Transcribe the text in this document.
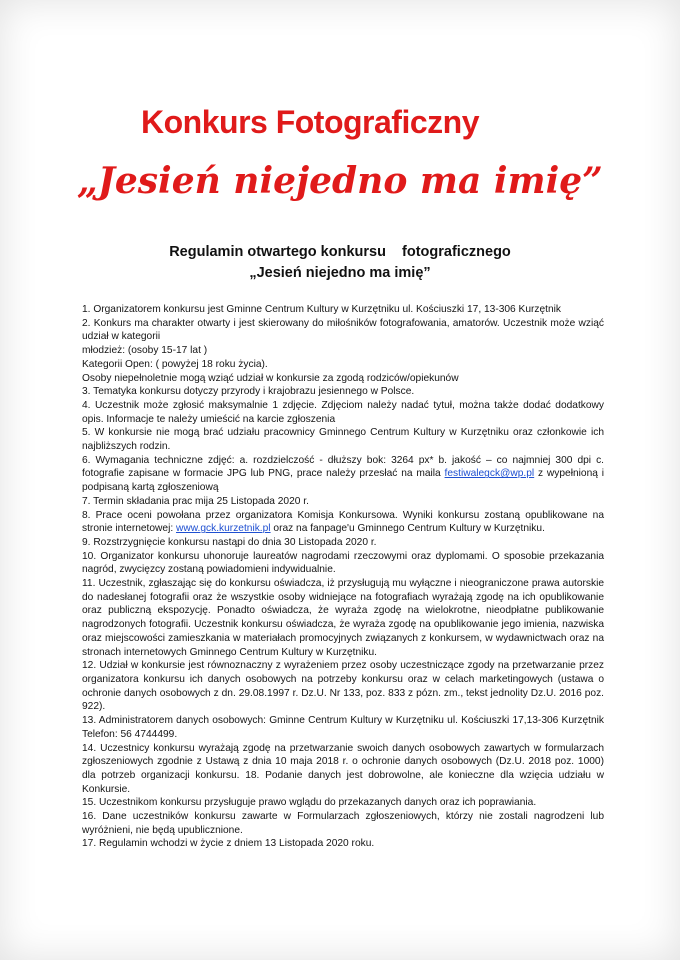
Konkurs Fotograficzny
„Jesień niejedno ma imię”
Regulamin otwartego konkursu    fotograficznego
„Jesień niejedno ma imię”
1. Organizatorem konkursu jest Gminne Centrum Kultury w Kurzętniku ul. Kościuszki 17, 13-306 Kurzętnik
2. Konkurs ma charakter otwarty i jest skierowany do miłośników fotografowania, amatorów. Uczestnik może wziąć udział w kategorii
młodzież: (osoby 15-17 lat )
Kategorii Open: ( powyżej 18 roku życia).
Osoby niepełnoletnie mogą wziąć udział w konkursie za zgodą rodziców/opiekunów
3. Tematyka konkursu dotyczy przyrody i krajobrazu jesiennego w Polsce.
4. Uczestnik może zgłosić maksymalnie 1 zdjęcie. Zdjęciom należy nadać tytuł, można także dodać dodatkowy opis. Informacje te należy umieścić na karcie zgłoszenia
5. W konkursie nie mogą brać udziału pracownicy Gminnego Centrum Kultury w Kurzętniku oraz członkowie ich najbliższych rodzin.
6. Wymagania techniczne zdjęć: a. rozdzielczość - dłuższy bok: 3264 px* b. jakość – co najmniej 300 dpi c. fotografie zapisane w formacie JPG lub PNG, prace należy przesłać na maila festiwalegck@wp.pl z wypełnioną i podpisaną kartą zgłoszeniową
7. Termin składania prac mija 25 Listopada 2020 r.
8. Prace oceni powołana przez organizatora Komisja Konkursowa. Wyniki konkursu zostaną opublikowane na stronie internetowej: www.gck.kurzetnik.pl oraz na fanpage'u Gminnego Centrum Kultury w Kurzętniku.
9. Rozstrzygnięcie konkursu nastąpi do dnia 30 Listopada 2020 r.
10. Organizator konkursu uhonoruje laureatów nagrodami rzeczowymi oraz dyplomami. O sposobie przekazania nagród, zwycięzcy zostaną powiadomieni indywidualnie.
11. Uczestnik, zgłaszając się do konkursu oświadcza, iż przysługują mu wyłączne i nieograniczone prawa autorskie do nadesłanej fotografii oraz że wszystkie osoby widniejące na fotografiach wyrażają zgodę na ich opublikowanie oraz publiczną ekspozycję. Ponadto oświadcza, że wyraża zgodę na wielokrotne, nieodpłatne publikowanie nagrodzonych fotografii. Uczestnik konkursu oświadcza, że wyraża zgodę na opublikowanie jego imienia, nazwiska oraz miejscowości zamieszkania w materiałach promocyjnych związanych z konkursem, w wydawnictwach oraz na stronach internetowych Gminnego Centrum Kultury w Kurzętniku.
12. Udział w konkursie jest równoznaczny z wyrażeniem przez osoby uczestniczące zgody na przetwarzanie przez organizatora konkursu ich danych osobowych na potrzeby konkursu oraz w celach marketingowych (ustawa o ochronie danych osobowych z dn. 29.08.1997 r. Dz.U. Nr 133, poz. 833 z pózn. zm., tekst jednolity Dz.U. 2016 poz. 922).
13. Administratorem danych osobowych: Gminne Centrum Kultury w Kurzętniku ul. Kościuszki 17,13-306 Kurzętnik Telefon: 56 4744499.
14. Uczestnicy konkursu wyrażają zgodę na przetwarzanie swoich danych osobowych zawartych w formularzach zgłoszeniowych zgodnie z Ustawą z dnia 10 maja 2018 r. o ochronie danych osobowych (Dz.U. 2018 poz. 1000) dla potrzeb organizacji konkursu. 18. Podanie danych jest dobrowolne, ale konieczne dla wzięcia udziału w Konkursie.
15. Uczestnikom konkursu przysługuje prawo wglądu do przekazanych danych oraz ich poprawiania.
16. Dane uczestników konkursu zawarte w Formularzach zgłoszeniowych, którzy nie zostali nagrodzeni lub wyróżnieni, nie będą upublicznione.
17. Regulamin wchodzi w życie z dniem 13 Listopada 2020 roku.
